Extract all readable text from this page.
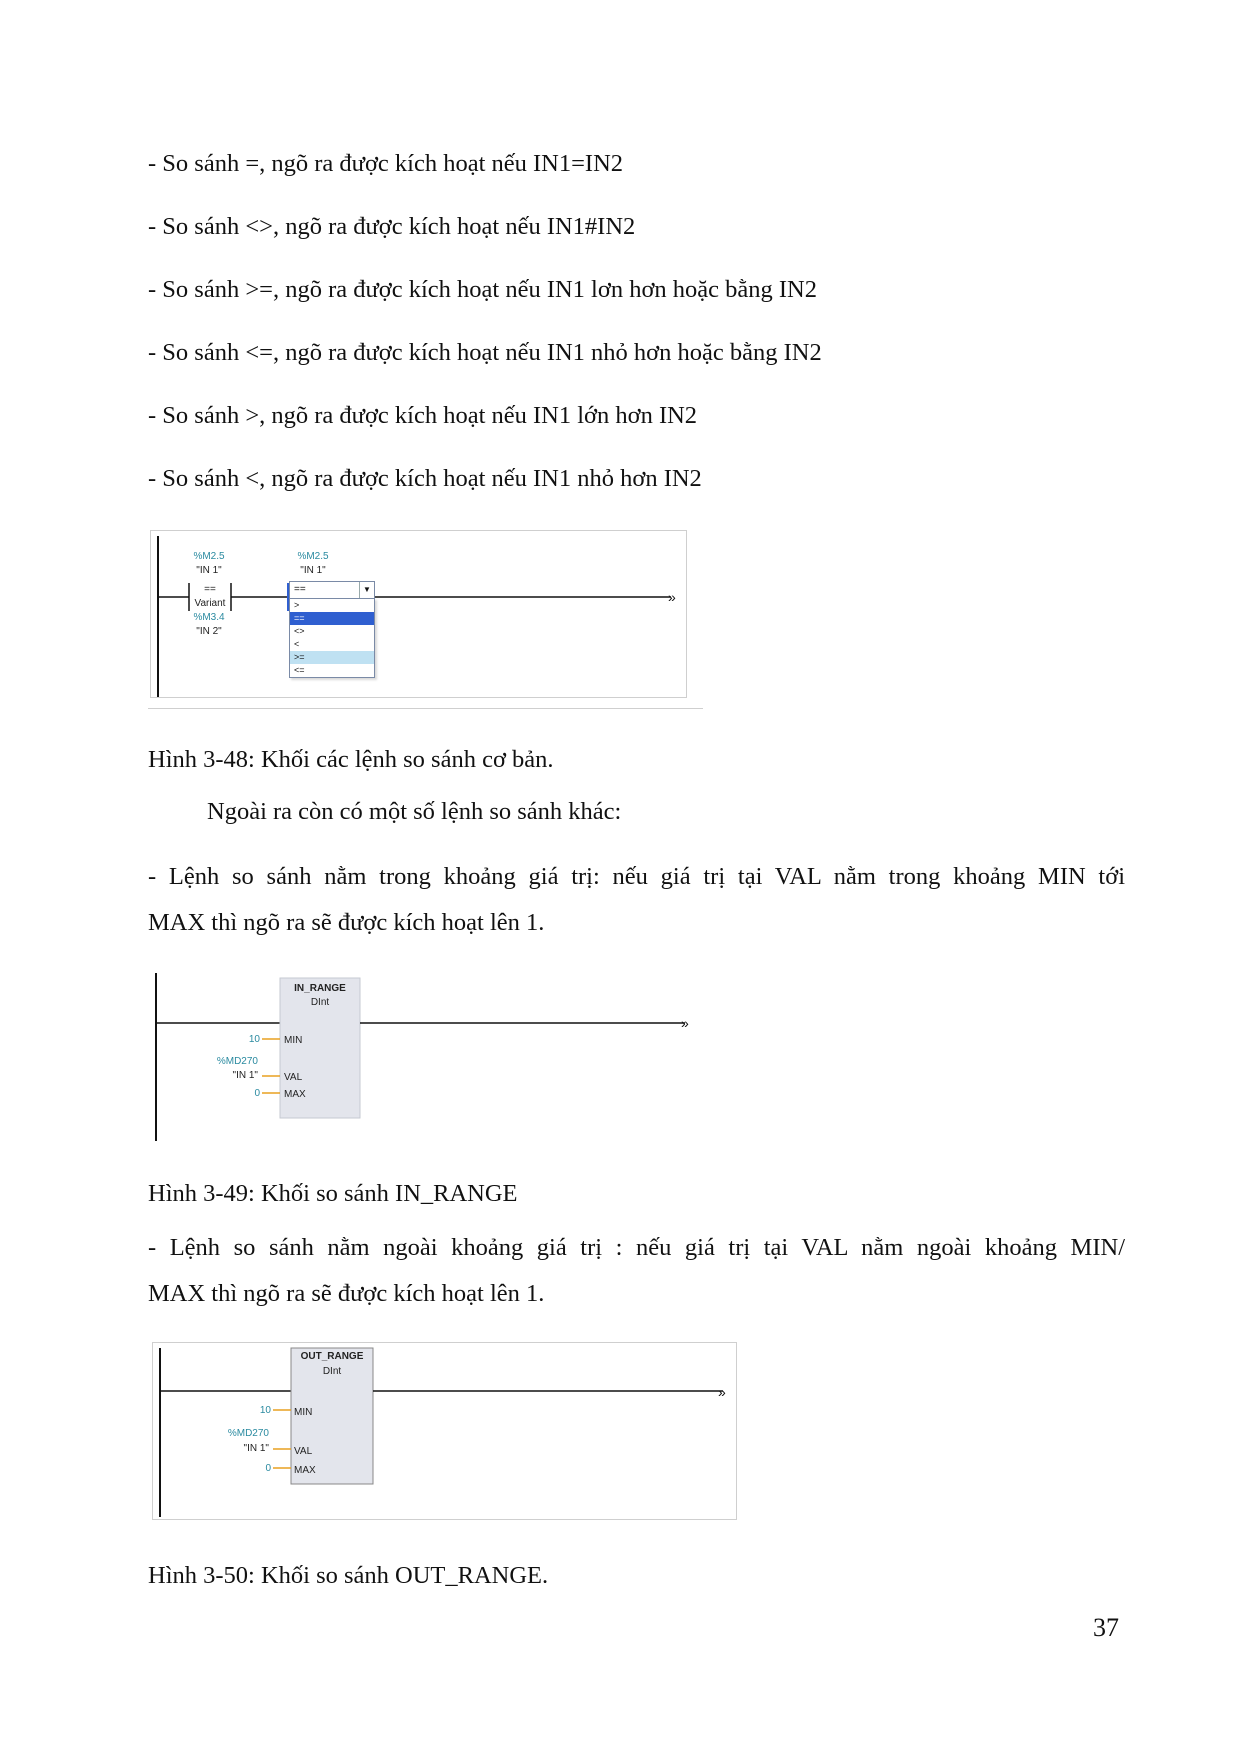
- So sánh =, ngõ ra được kích hoạt nếu IN1=IN2
- So sánh <>, ngõ ra được kích hoạt nếu IN1#IN2
- So sánh >=, ngõ ra được kích hoạt nếu IN1 lơn hơn hoặc bằng IN2
- So sánh <=, ngõ ra được kích hoạt nếu IN1 nhỏ hơn hoặc bằng IN2
- So sánh >, ngõ ra được kích hoạt nếu IN1 lớn hơn IN2
- So sánh <, ngõ ra được kích hoạt nếu IN1 nhỏ hơn IN2
%M2.5
"IN 1"
==
Variant
%M3.4
"IN 2"
%M2.5
"IN 1"
»
==	▼
>
==
<>
<
>=
<=
Hình 3-48: Khối các lệnh so sánh cơ bản.
Ngoài ra còn có một số lệnh so sánh khác:
- Lệnh so sánh nằm trong khoảng giá trị: nếu giá trị tại VAL nằm trong khoảng MIN tới
MAX thì ngõ ra sẽ được kích hoạt lên 1.
»
IN_RANGE
DInt
MIN
VAL
MAX
10
%MD270
"IN 1"
0
Hình 3-49: Khối so sánh IN_RANGE
- Lệnh so sánh nằm ngoài khoảng giá trị : nếu giá trị tại VAL nằm ngoài khoảng MIN/
MAX thì ngõ ra sẽ được kích hoạt lên 1.
»
OUT_RANGE
DInt
MIN
VAL
MAX
10
%MD270
"IN 1"
0
Hình 3-50: Khối so sánh OUT_RANGE.
37
